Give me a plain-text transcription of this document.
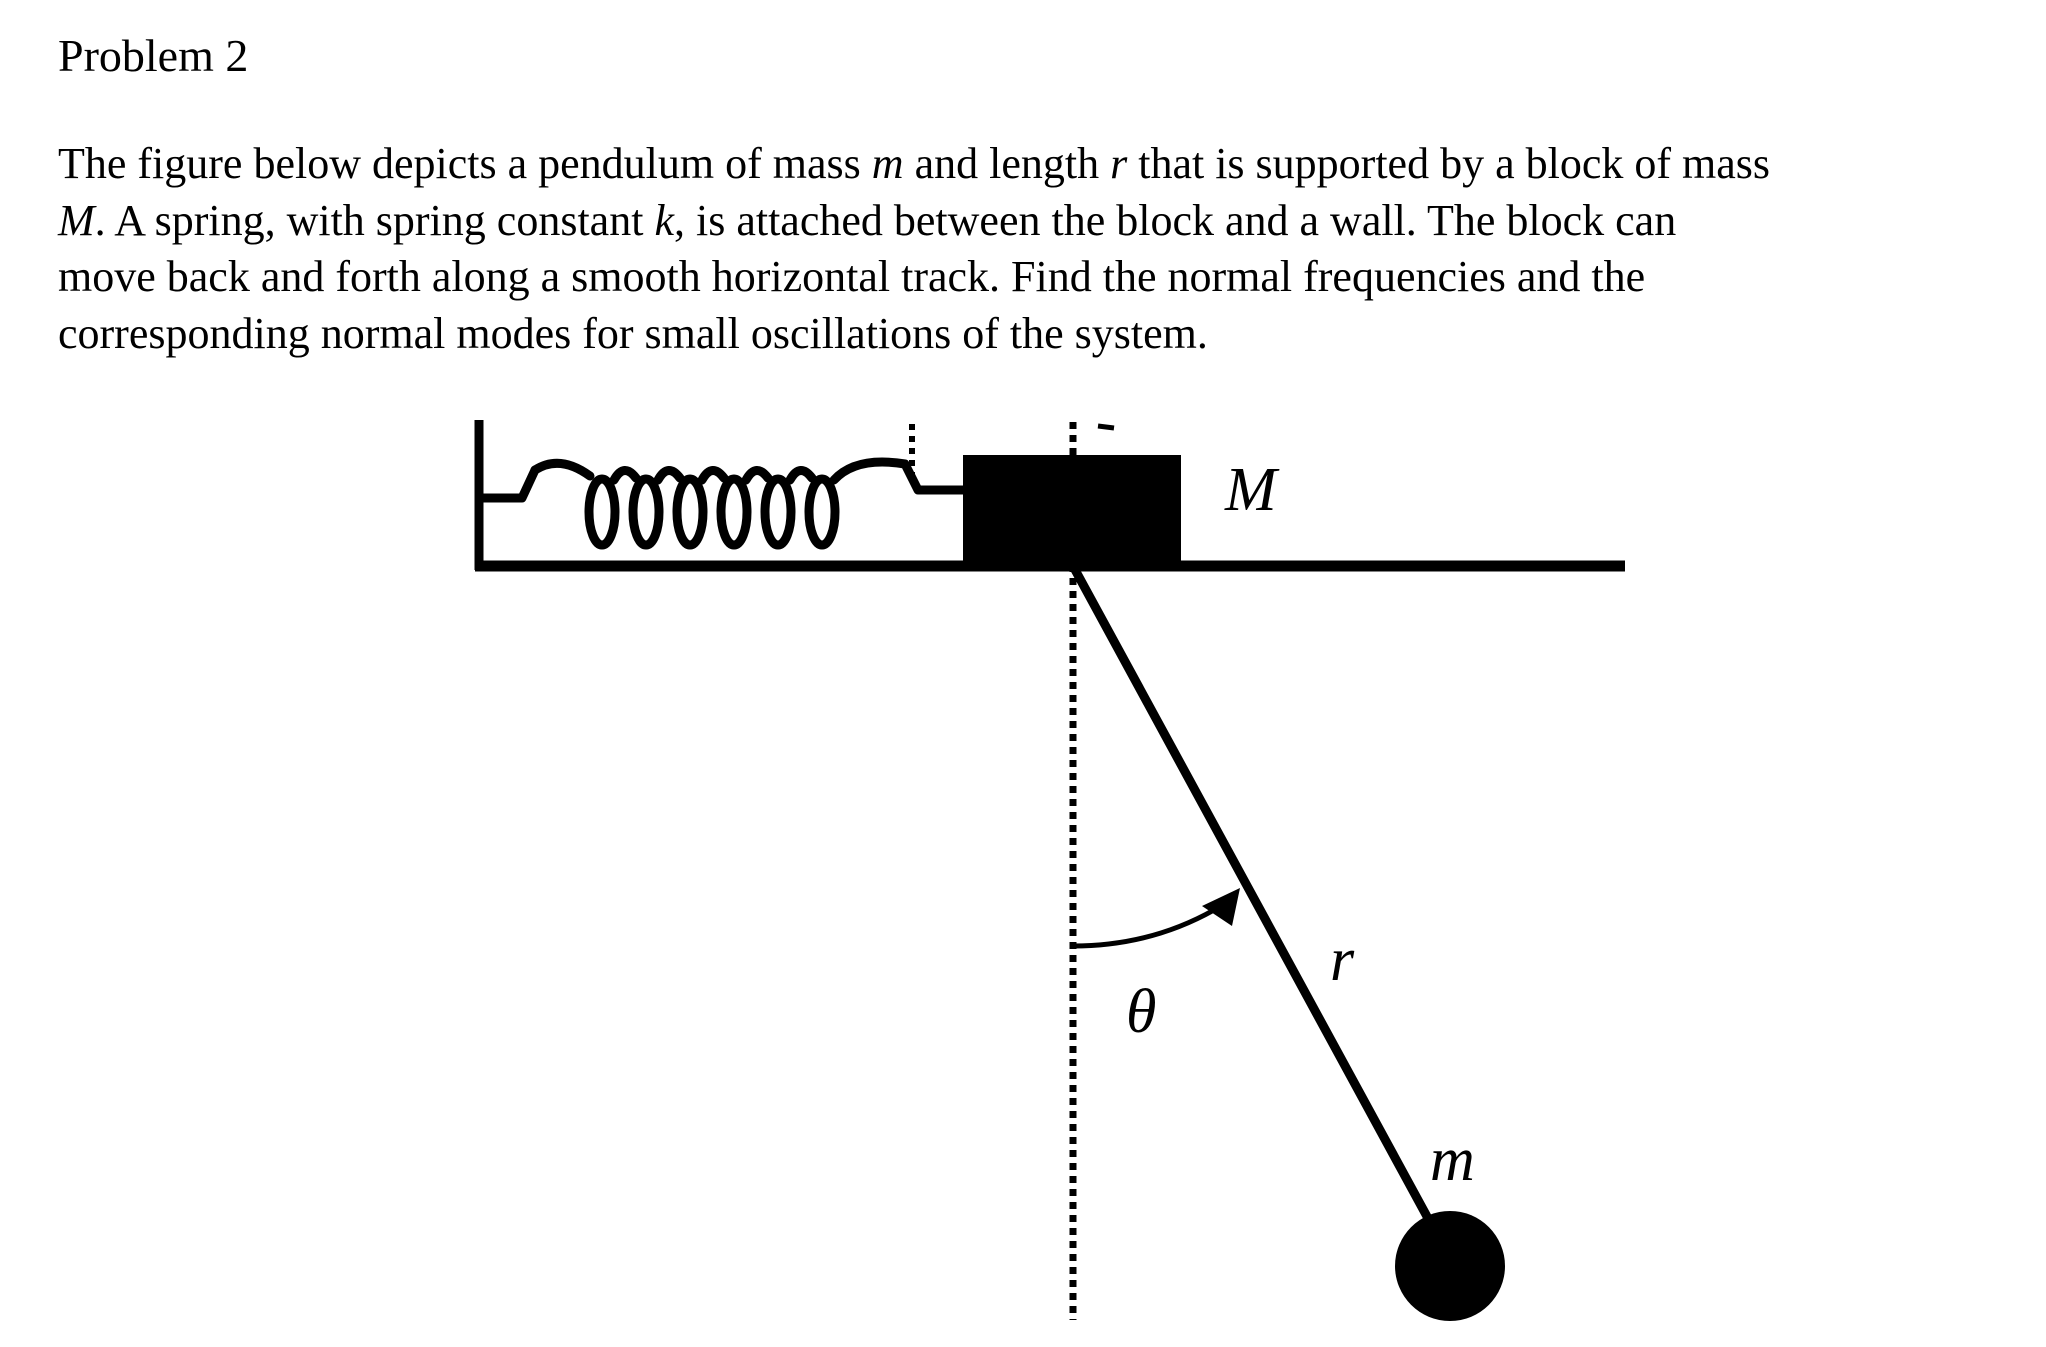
Problem 2

The figure below depicts a pendulum of mass m and length r that is supported by a block of mass
M. A spring, with spring constant k, is attached between the block and a wall. The block can
move back and forth along a smooth horizontal track. Find the normal frequencies and the
corresponding normal modes for small oscillations of the system.

M
r
θ
m
